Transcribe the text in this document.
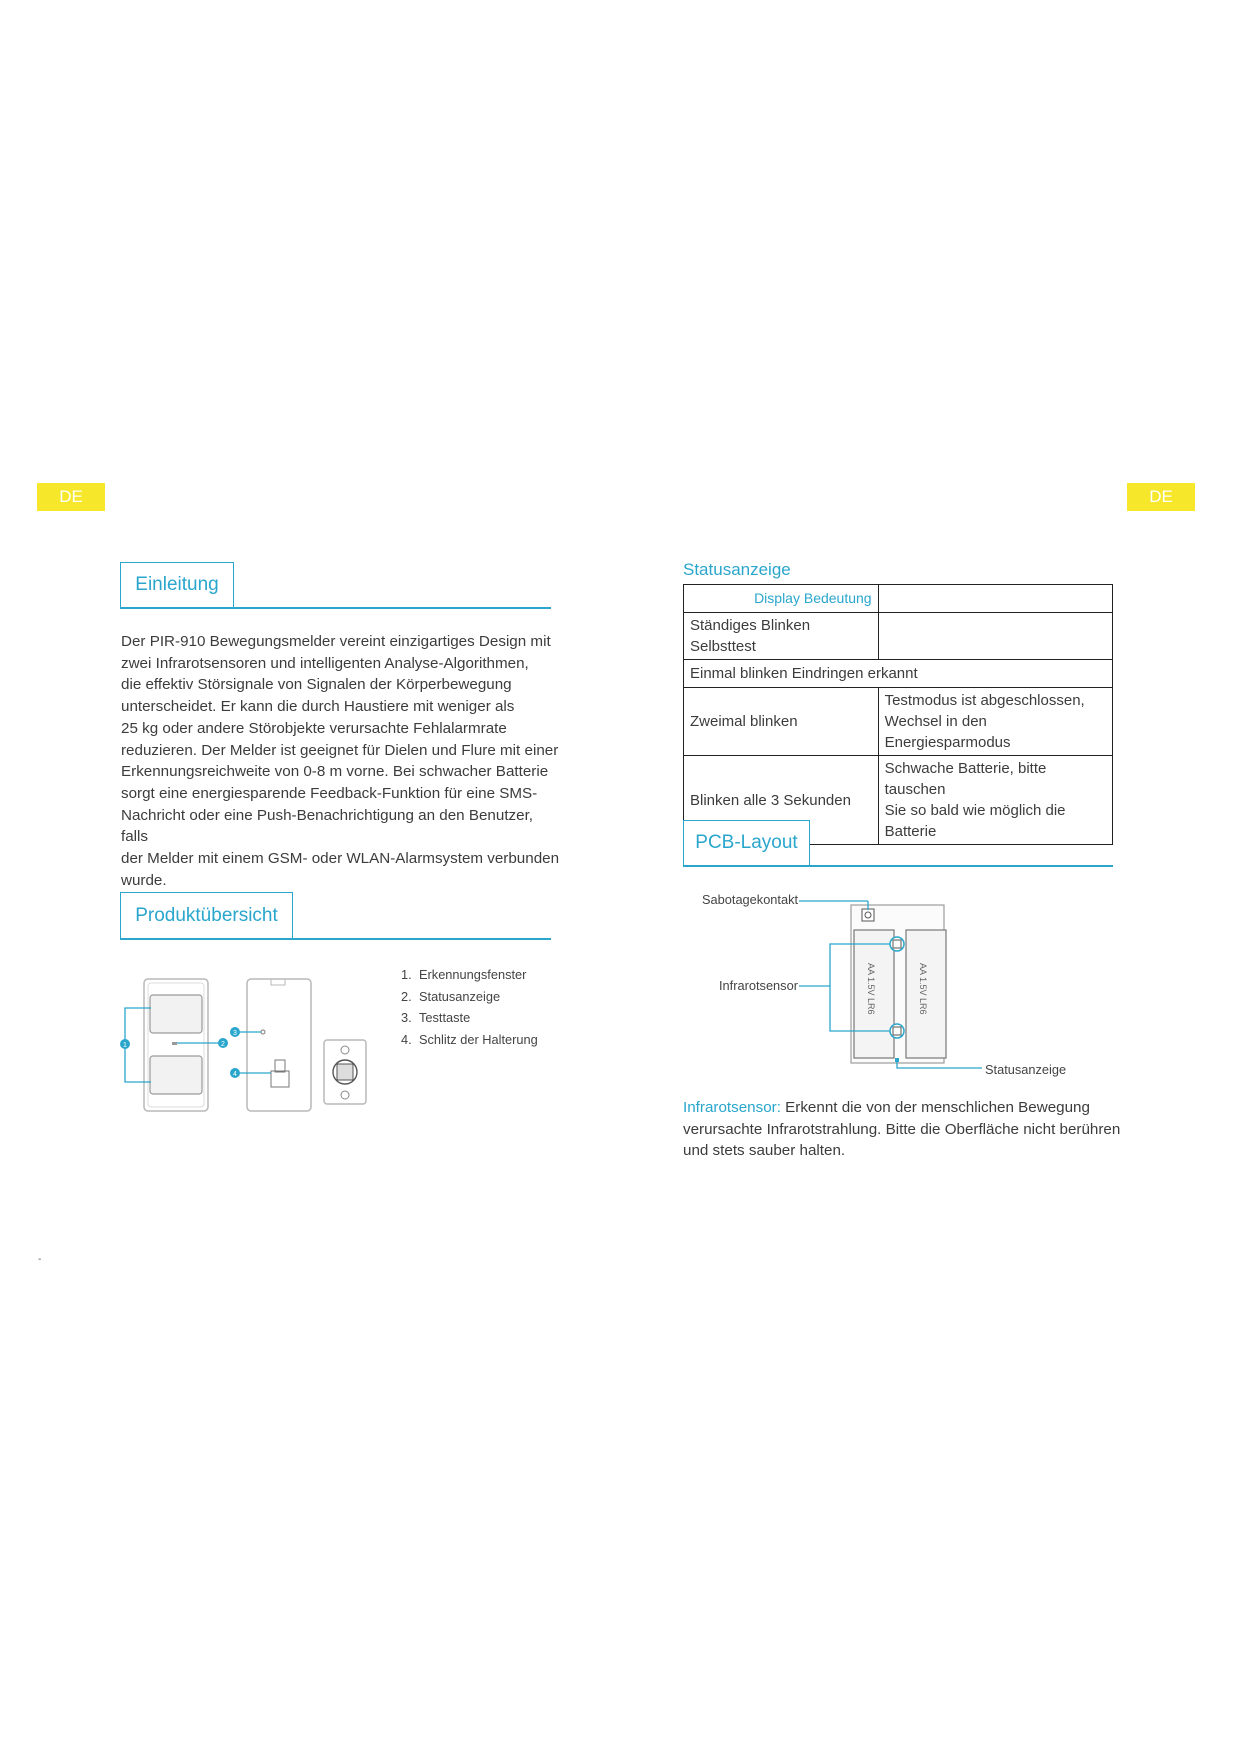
DE	DE
Einleitung
Der PIR-910 Bewegungsmelder vereint einzigartiges Design mit
zwei Infrarotsensoren und intelligenten Analyse-Algorithmen,
die effektiv Störsignale von Signalen der Körperbewegung
unterscheidet. Er kann die durch Haustiere mit weniger als
25 kg oder andere Störobjekte verursachte Fehlalarmrate
reduzieren. Der Melder ist geeignet für Dielen und Flure mit einer
Erkennungsreichweite von 0-8 m vorne. Bei schwacher Batterie
sorgt eine energiesparende Feedback-Funktion für eine SMS-
Nachricht oder eine Push-Benachrichtigung an den Benutzer, falls
der Melder mit einem GSM- oder WLAN-Alarmsystem verbunden
wurde.
Produktübersicht
1	2
3
4
1. Erkennungsfenster
2. Statusanzeige
3. Testtaste
4. Schlitz der Halterung
-
Statusanzeige
Display Bedeutung	
Ständiges Blinken Selbsttest	
Einmal blinken Eindringen erkannt	
Zweimal blinken	Testmodus ist abgeschlossen,
Wechsel in den Energiesparmodus

Blinken alle 3 Sekunden	Schwache Batterie, bitte tauschen
Sie so bald wie möglich die
Batterie
PCB-Layout
AA 1.5V LR6	AA 1.5V LR6
Sabotagekontakt
Infrarotsensor
Statusanzeige
Infrarotsensor: Erkennt die von der menschlichen Bewegung
verursachte Infrarotstrahlung. Bitte die Oberfläche nicht berühren
und stets sauber halten.
